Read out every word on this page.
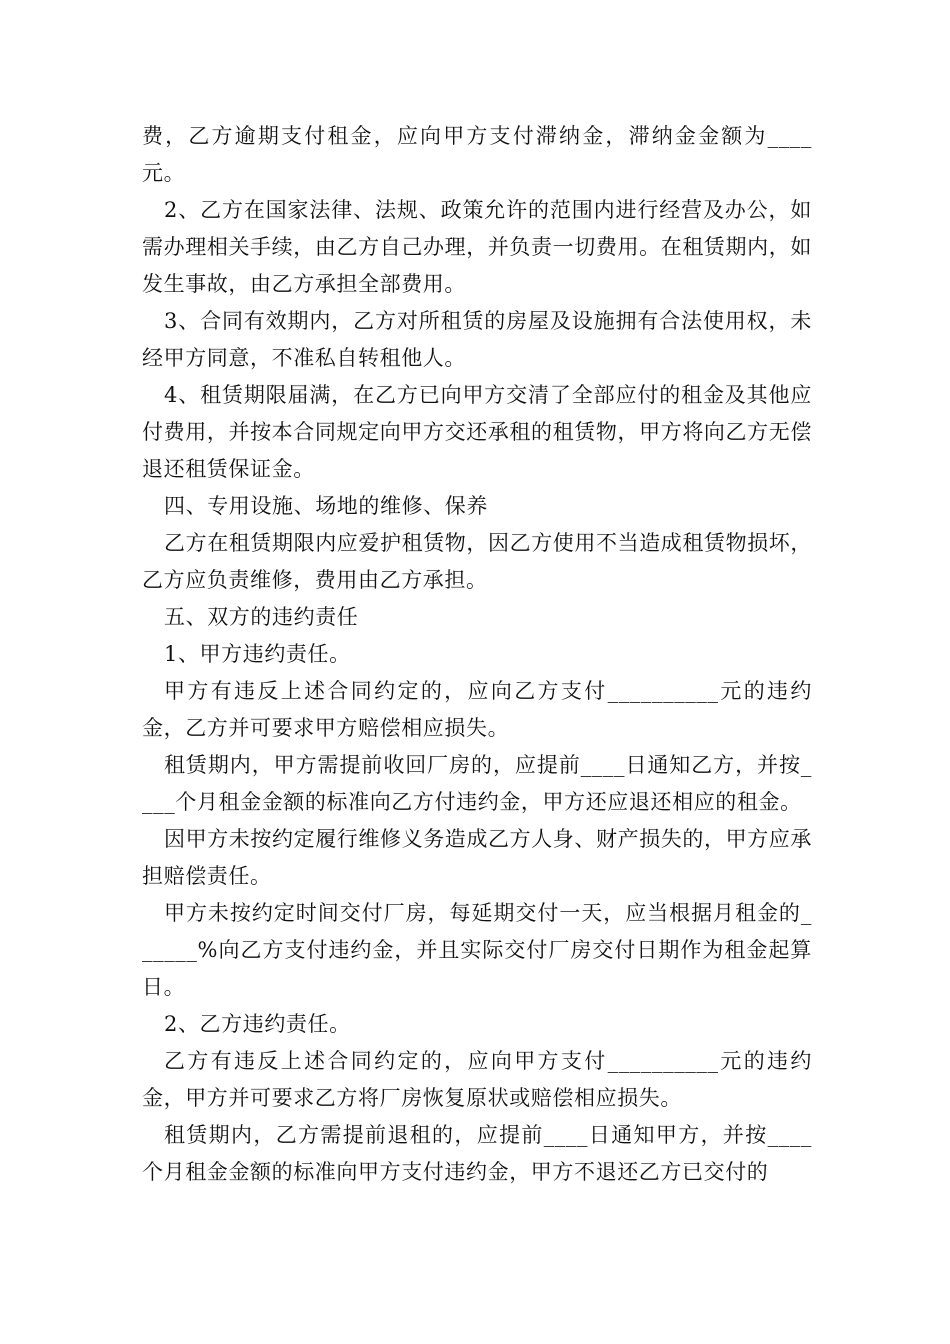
费，乙方逾期支付租金，应向甲方支付滞纳金，滞纳金金额为____元。

2、乙方在国家法律、法规、政策允许的范围内进行经营及办公，如需办理相关手续，由乙方自己办理，并负责一切费用。在租赁期内，如发生事故，由乙方承担全部费用。

3、合同有效期内，乙方对所租赁的房屋及设施拥有合法使用权，未经甲方同意，不准私自转租他人。

4、租赁期限届满，在乙方已向甲方交清了全部应付的租金及其他应付费用，并按本合同规定向甲方交还承租的租赁物，甲方将向乙方无偿退还租赁保证金。

四、专用设施、场地的维修、保养

乙方在租赁期限内应爱护租赁物，因乙方使用不当造成租赁物损坏，乙方应负责维修，费用由乙方承担。

五、双方的违约责任

1、甲方违约责任。

甲方有违反上述合同约定的，应向乙方支付__________元的违约金，乙方并可要求甲方赔偿相应损失。

租赁期内，甲方需提前收回厂房的，应提前____日通知乙方，并按____个月租金金额的标准向乙方付违约金，甲方还应退还相应的租金。

因甲方未按约定履行维修义务造成乙方人身、财产损失的，甲方应承担赔偿责任。

甲方未按约定时间交付厂房，每延期交付一天，应当根据月租金的______%向乙方支付违约金，并且实际交付厂房交付日期作为租金起算日。

2、乙方违约责任。

乙方有违反上述合同约定的，应向甲方支付__________元的违约金，甲方并可要求乙方将厂房恢复原状或赔偿相应损失。

租赁期内，乙方需提前退租的，应提前____日通知甲方，并按____个月租金金额的标准向甲方支付违约金，甲方不退还乙方已交付的
